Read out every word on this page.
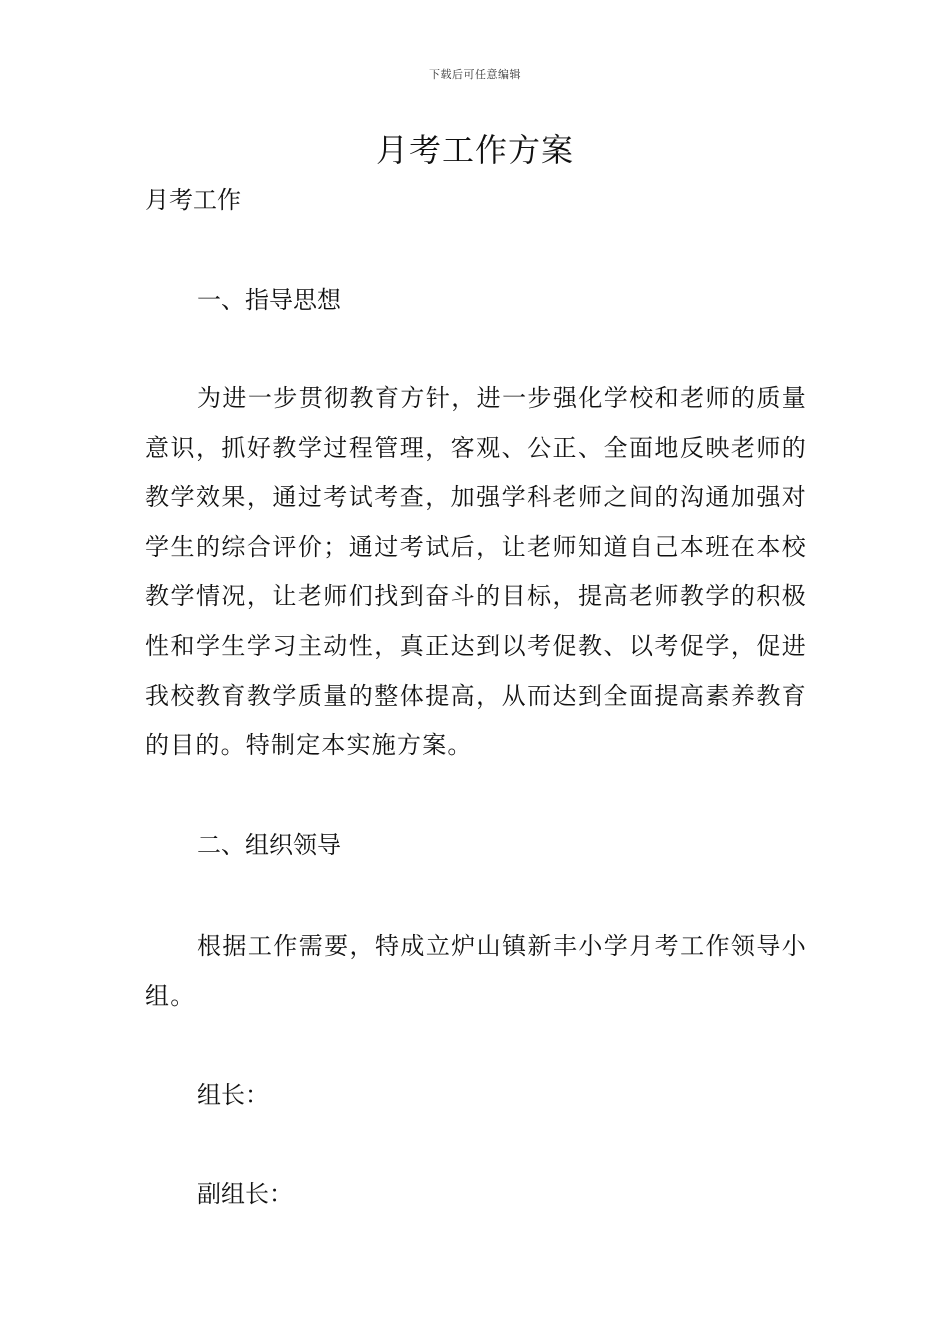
下载后可任意编辑
月考工作方案
月考工作
一、指导思想

为进一步贯彻教育方针，进一步强化学校和老师的质量意识，抓好教学过程管理，客观、公正、全面地反映老师的教学效果，通过考试考查，加强学科老师之间的沟通加强对学生的综合评价；通过考试后，让老师知道自己本班在本校教学情况，让老师们找到奋斗的目标，提高老师教学的积极性和学生学习主动性，真正达到以考促教、以考促学，促进我校教育教学质量的整体提高，从而达到全面提高素养教育的目的。特制定本实施方案。

二、组织领导

根据工作需要，特成立炉山镇新丰小学月考工作领导小组。

组长：
副组长：
